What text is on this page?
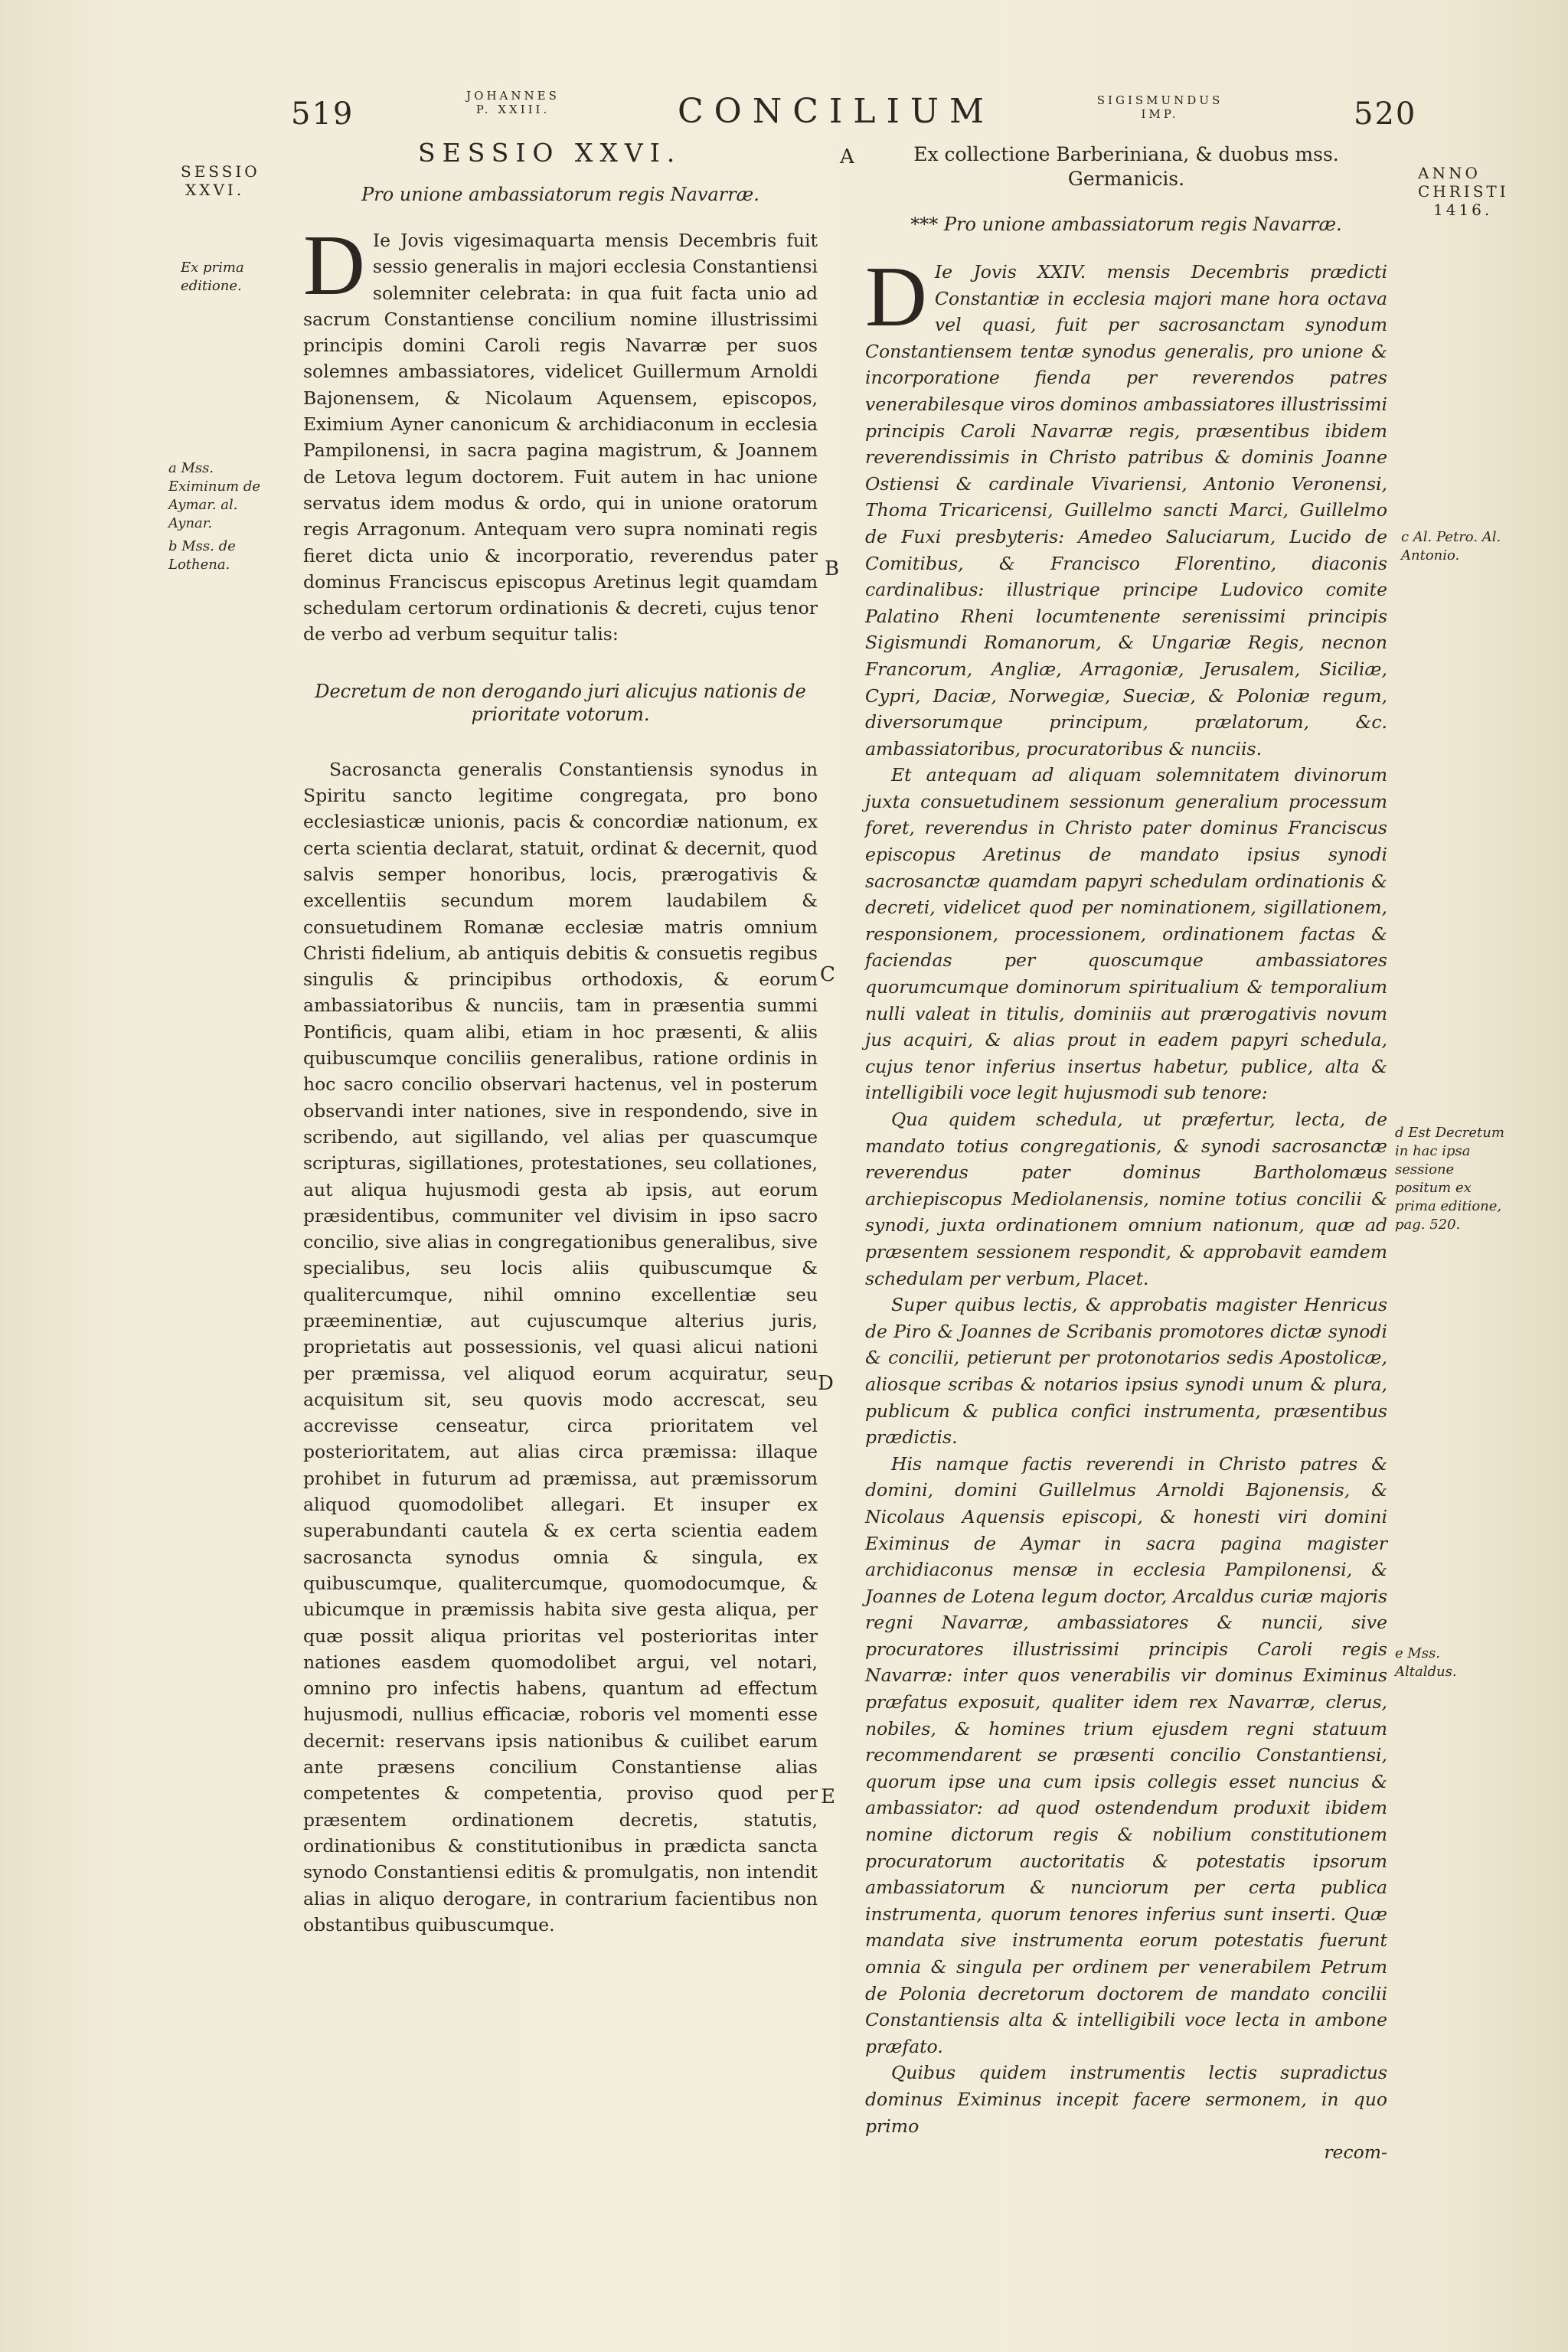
519
JOHANNES
P. XXIII.	CONCILIUM	SIGISMUNDUS
IMP.	520
SESSIO
XXVI.
Ex prima editione.
a Mss. Eximinum de Aymar. al. Aynar.
b Mss. de Lothena.
A
B
C
D
E
ANNO
CHRISTI
1416.
c Al. Petro. Al. Antonio.
d Est Decretum in hac ipsa sessione positum ex prima editione, pag. 520.
e Mss. Altaldus.
SESSIO XXVI.
Pro unione ambassiatorum regis Navarræ.
D Ie Jovis vigesimaquarta mensis Decembris fuit sessio generalis in majori ecclesia Constantiensi solemniter celebrata: in qua fuit facta unio ad sacrum Constantiense concilium nomine illustrissimi principis domini Caroli regis Navarræ per suos solemnes ambassiatores, videlicet Guillermum Arnoldi Bajonensem, & Nicolaum Aquensem, episcopos, Eximium Ayner canonicum & archidiaconum in ecclesia Pampilonensi, in sacra pagina magistrum, & Joannem de Letova legum doctorem. Fuit autem in hac unione servatus idem modus & ordo, qui in unione oratorum regis Arragonum. Antequam vero supra nominati regis fieret dicta unio & incorporatio, reverendus pater dominus Franciscus episcopus Aretinus legit quamdam schedulam certorum ordinationis & decreti, cujus tenor de verbo ad verbum sequitur talis:
Decretum de non derogando juri alicujus nationis de prioritate votorum.

Sacrosancta generalis Constantiensis synodus in Spiritu sancto legitime congregata, pro bono ecclesiasticæ unionis, pacis & concordiæ nationum, ex certa scientia declarat, statuit, ordinat & decernit, quod salvis semper honoribus, locis, prærogativis & excellentiis secundum morem laudabilem & consuetudinem Romanæ ecclesiæ matris omnium Christi fidelium, ab antiquis debitis & consuetis regibus singulis & principibus orthodoxis, & eorum ambassiatoribus & nunciis, tam in præsentia summi Pontificis, quam alibi, etiam in hoc præsenti, & aliis quibuscumque conciliis generalibus, ratione ordinis in hoc sacro concilio observari hactenus, vel in posterum observandi inter nationes, sive in respondendo, sive in scribendo, aut sigillando, vel alias per quascumque scripturas, sigillationes, protestationes, seu collationes, aut aliqua hujusmodi gesta ab ipsis, aut eorum præsidentibus, communiter vel divisim in ipso sacro concilio, sive alias in congregationibus generalibus, sive specialibus, seu locis aliis quibuscumque & qualitercumque, nihil omnino excellentiæ seu præeminentiæ, aut cujuscumque alterius juris, proprietatis aut possessionis, vel quasi alicui nationi per præmissa, vel aliquod eorum acquiratur, seu acquisitum sit, seu quovis modo accrescat, seu accrevisse censeatur, circa prioritatem vel posterioritatem, aut alias circa præmissa: illaque prohibet in futurum ad præmissa, aut præmissorum aliquod quomodolibet allegari. Et insuper ex superabundanti cautela & ex certa scientia eadem sacrosancta synodus omnia & singula, ex quibuscumque, qualitercumque, quomodocumque, & ubicumque in præmissis habita sive gesta aliqua, per quæ possit aliqua prioritas vel posterioritas inter nationes easdem quomodolibet argui, vel notari, omnino pro infectis habens, quantum ad effectum hujusmodi, nullius efficaciæ, roboris vel momenti esse decernit: reservans ipsis nationibus & cuilibet earum ante præsens concilium Constantiense alias competentes & competentia, proviso quod per præsentem ordinationem decretis, statutis, ordinationibus & constitutionibus in prædicta sancta synodo Constantiensi editis & promulgatis, non intendit alias in aliquo derogare, in contrarium facientibus non obstantibus quibuscumque.

Ex collectione Barberiniana, & duobus mss. Germanicis.
*** Pro unione ambassiatorum regis Navarræ.
D Ie Jovis XXIV. mensis Decembris prædicti Constantiæ in ecclesia majori mane hora octava vel quasi, fuit per sacrosanctam synodum Constantiensem tentæ synodus generalis, pro unione & incorporatione fienda per reverendos patres venerabilesque viros dominos ambassiatores illustrissimi principis Caroli Navarræ regis, præsentibus ibidem reverendissimis in Christo patribus & dominis Joanne Ostiensi & cardinale Vivariensi, Antonio Veronensi, Thoma Tricaricensi, Guillelmo sancti Marci, Guillelmo de Fuxi presbyteris: Amedeo Saluciarum, Lucido de Comitibus, & Francisco Florentino, diaconis cardinalibus: illustrique principe Ludovico comite Palatino Rheni locumtenente serenissimi principis Sigismundi Romanorum, & Ungariæ Regis, necnon Francorum, Angliæ, Arragoniæ, Jerusalem, Siciliæ, Cypri, Daciæ, Norwegiæ, Sueciæ, & Poloniæ regum, diversorumque principum, prælatorum, &c. ambassiatoribus, procuratoribus & nunciis.

Et antequam ad aliquam solemnitatem divinorum juxta consuetudinem sessionum generalium processum foret, reverendus in Christo pater dominus Franciscus episcopus Aretinus de mandato ipsius synodi sacrosanctæ quamdam papyri schedulam ordinationis & decreti, videlicet quod per nominationem, sigillationem, responsionem, processionem, ordinationem factas & faciendas per quoscumque ambassiatores quorumcumque dominorum spiritualium & temporalium nulli valeat in titulis, dominiis aut prærogativis novum jus acquiri, & alias prout in eadem papyri schedula, cujus tenor inferius insertus habetur, publice, alta & intelligibili voce legit hujusmodi sub tenore:

Qua quidem schedula, ut præfertur, lecta, de mandato totius congregationis, & synodi sacrosanctæ reverendus pater dominus Bartholomæus archiepiscopus Mediolanensis, nomine totius concilii & synodi, juxta ordinationem omnium nationum, quæ ad præsentem sessionem respondit, & approbavit eamdem schedulam per verbum, Placet.

Super quibus lectis, & approbatis magister Henricus de Piro & Joannes de Scribanis promotores dictæ synodi & concilii, petierunt per protonotarios sedis Apostolicæ, aliosque scribas & notarios ipsius synodi unum & plura, publicum & publica confici instrumenta, præsentibus prædictis.

His namque factis reverendi in Christo patres & domini, domini Guillelmus Arnoldi Bajonensis, & Nicolaus Aquensis episcopi, & honesti viri domini Eximinus de Aymar in sacra pagina magister archidiaconus mensæ in ecclesia Pampilonensi, & Joannes de Lotena legum doctor, Arcaldus curiæ majoris regni Navarræ, ambassiatores & nuncii, sive procuratores illustrissimi principis Caroli regis Navarræ: inter quos venerabilis vir dominus Eximinus præfatus exposuit, qualiter idem rex Navarræ, clerus, nobiles, & homines trium ejusdem regni statuum recommendarent se præsenti concilio Constantiensi, quorum ipse una cum ipsis collegis esset nuncius & ambassiator: ad quod ostendendum produxit ibidem nomine dictorum regis & nobilium constitutionem procuratorum auctoritatis & potestatis ipsorum ambassiatorum & nunciorum per certa publica instrumenta, quorum tenores inferius sunt inserti. Quæ mandata sive instrumenta eorum potestatis fuerunt omnia & singula per ordinem per venerabilem Petrum de Polonia decretorum doctorem de mandato concilii Constantiensis alta & intelligibili voce lecta in ambone præfato.

Quibus quidem instrumentis lectis supradictus dominus Eximinus incepit facere sermonem, in quo primo

recom-
